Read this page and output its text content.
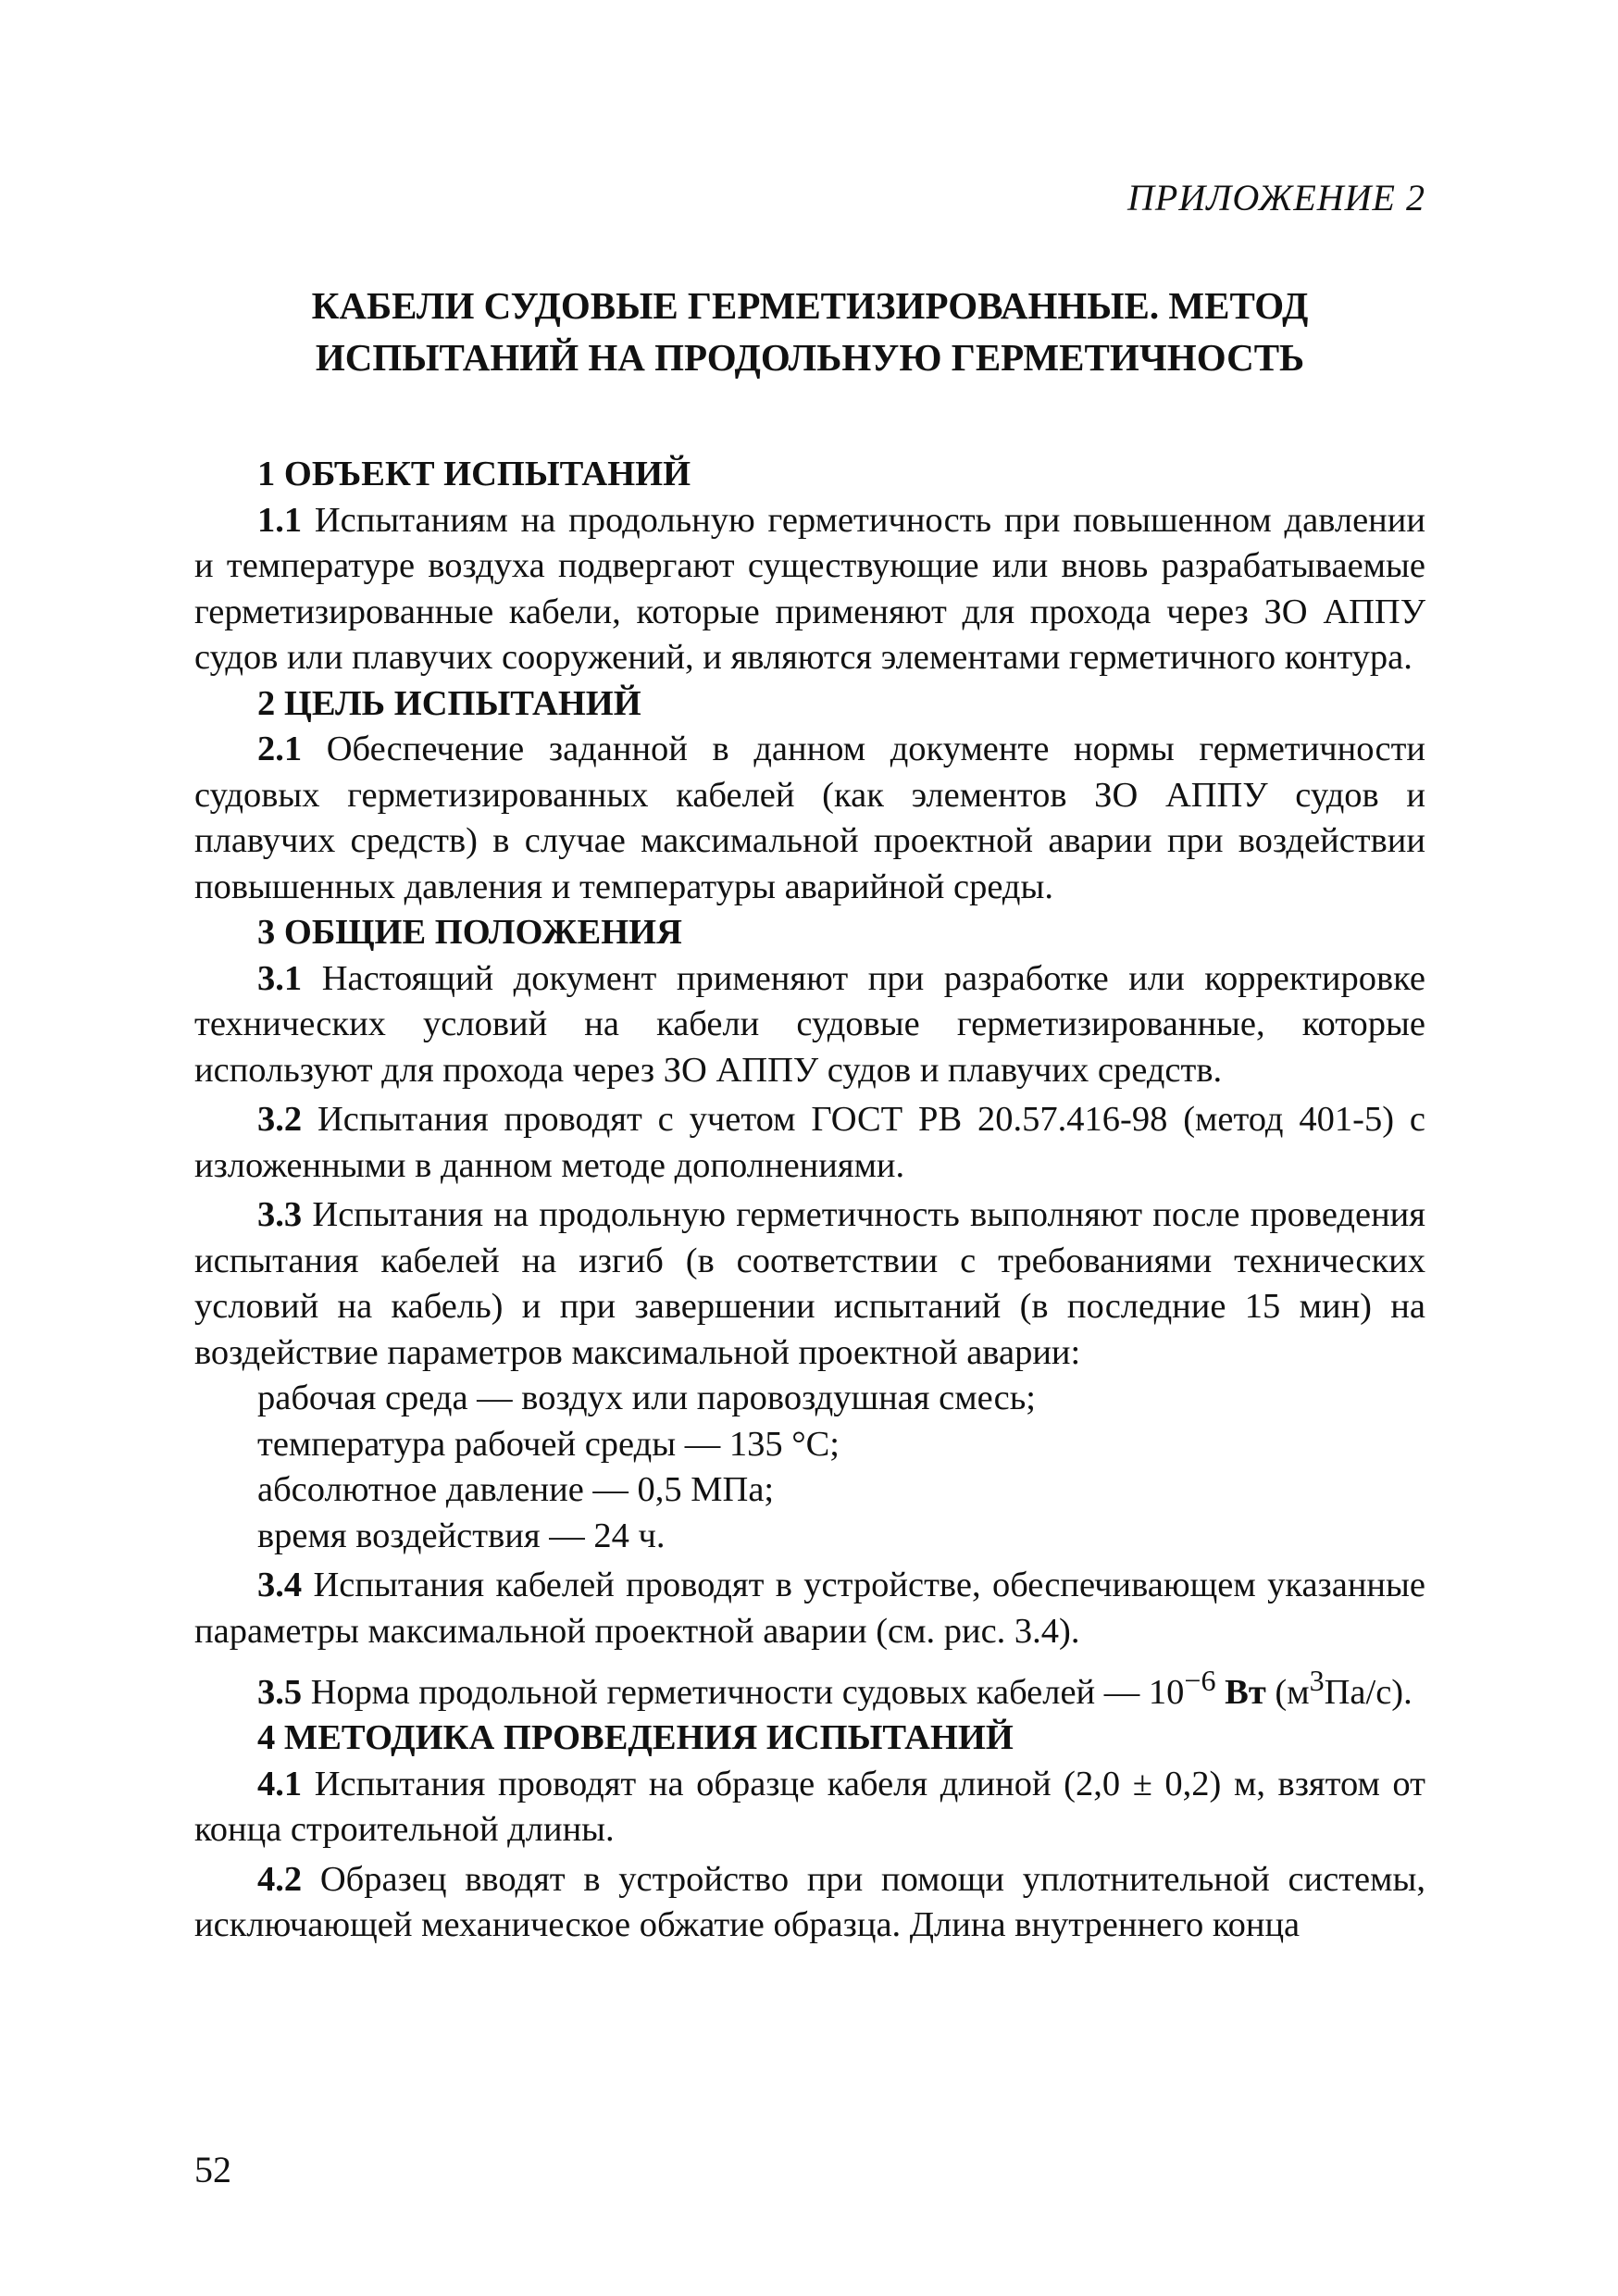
ПРИЛОЖЕНИЕ 2
КАБЕЛИ СУДОВЫЕ ГЕРМЕТИЗИРОВАННЫЕ. МЕТОД
ИСПЫТАНИЙ НА ПРОДОЛЬНУЮ ГЕРМЕТИЧНОСТЬ
1 ОБЪЕКТ ИСПЫТАНИЙ

1.1 Испытаниям на продольную герметичность при повышенном давлении и температуре воздуха подвергают существующие или вновь разрабатываемые герметизированные кабели, которые применяют для прохода через ЗО АППУ судов или плавучих сооружений, и являются элементами герметичного контура.

2 ЦЕЛЬ ИСПЫТАНИЙ

2.1 Обеспечение заданной в данном документе нормы герметичности судовых герметизированных кабелей (как элементов ЗО АППУ судов и плавучих средств) в случае максимальной проектной аварии при воздействии повышенных давления и температуры аварийной среды.

3 ОБЩИЕ ПОЛОЖЕНИЯ

3.1 Настоящий документ применяют при разработке или корректировке технических условий на кабели судовые герметизированные, которые используют для прохода через ЗО АППУ судов и плавучих средств.

3.2 Испытания проводят с учетом ГОСТ РВ 20.57.416-98 (метод 401-5) с изложенными в данном методе дополнениями.

3.3 Испытания на продольную герметичность выполняют после проведения испытания кабелей на изгиб (в соответствии с требованиями технических условий на кабель) и при завершении испытаний (в последние 15 мин) на воздействие параметров максимальной проектной аварии:

рабочая среда — воздух или паровоздушная смесь;

температура рабочей среды — 135 °С;

абсолютное давление — 0,5 МПа;

время воздействия — 24 ч.

3.4 Испытания кабелей проводят в устройстве, обеспечивающем указанные параметры максимальной проектной аварии (см. рис. 3.4).

3.5 Норма продольной герметичности судовых кабелей — $10^{-6}$ Вт $(м^3Па/с)$.

4 МЕТОДИКА ПРОВЕДЕНИЯ ИСПЫТАНИЙ

4.1 Испытания проводят на образце кабеля длиной (2,0 ± 0,2) м, взятом от конца строительной длины.

4.2 Образец вводят в устройство при помощи уплотнительной системы, исключающей механическое обжатие образца. Длина внутреннего конца

52
